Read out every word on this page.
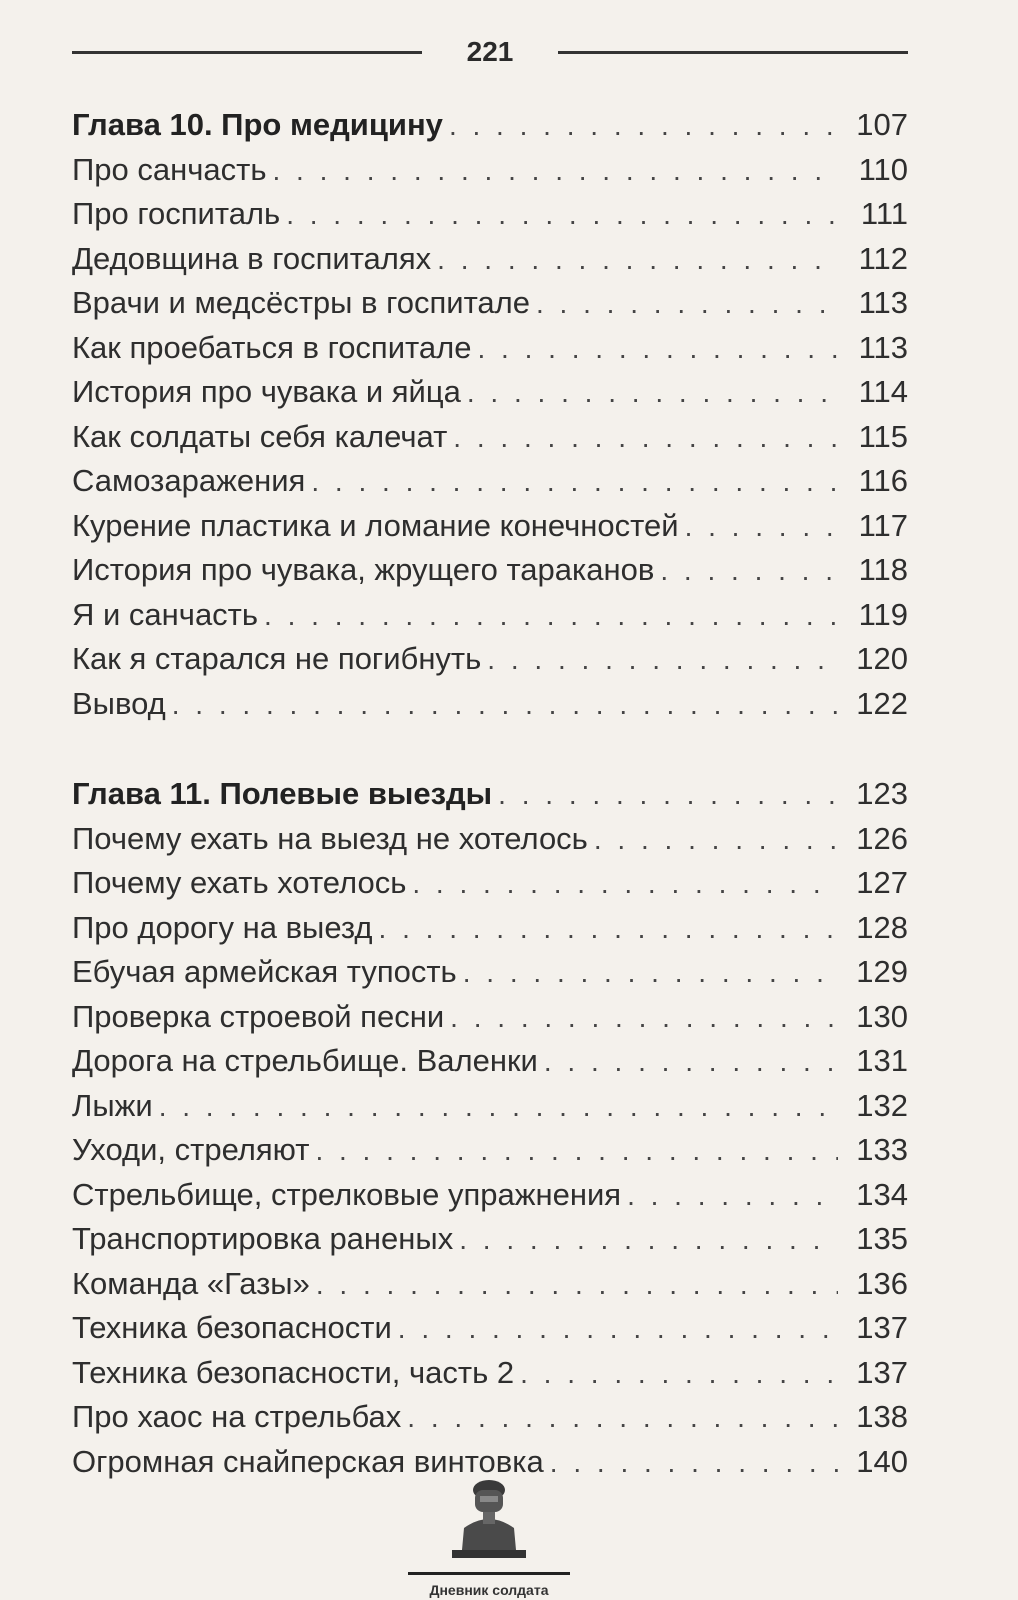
221
Глава 10. Про медицину . . .	107
Про санчасть . . .	110
Про госпиталь . . .	111
Дедовщина в госпиталях . . .	112
Врачи и медсёстры в госпитале . . .	113
Как проебаться в госпитале . . .	113
История про чувака и яйца . . .	114
Как солдаты себя калечат . . .	115
Самозаражения . . .	116
Курение пластика и ломание конечностей . . .	117
История про чувака, жрущего тараканов . . .	118
Я и санчасть . . .	119
Как я старался не погибнуть . . .	120
Вывод . . .	122
Глава 11. Полевые выезды . . .	123
Почему ехать на выезд не хотелось . . .	126
Почему ехать хотелось . . .	127
Про дорогу на выезд . . .	128
Ебучая армейская тупость . . .	129
Проверка строевой песни . . .	130
Дорога на стрельбище. Валенки . . .	131
Лыжи . . .	132
Уходи, стреляют . . .	133
Стрельбище, стрелковые упражнения . . .	134
Транспортировка раненых . . .	135
Команда «Газы» . . .	136
Техника безопасности . . .	137
Техника безопасности, часть 2 . . .	137
Про хаос на стрельбах . . .	138
Огромная снайперская винтовка . . .	140
Дневник солдата
